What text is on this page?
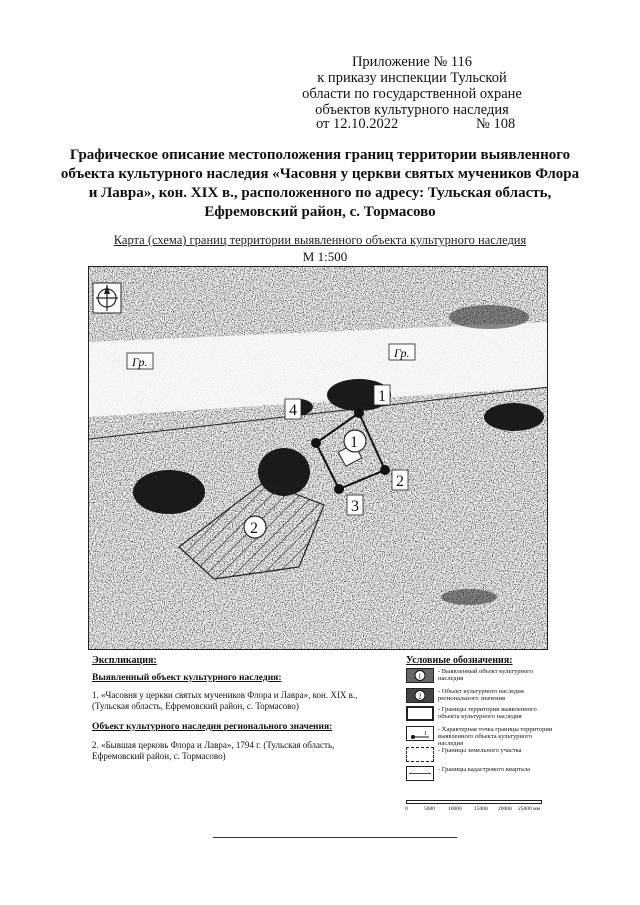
Приложение № 116
к приказу инспекции Тульской
области по государственной охране
объектов культурного наследия
от 12.10.2022	№ 108
Графическое описание местоположения границ территории выявленного объекта культурного наследия «Часовня у церкви святых мучеников Флора и Лавра», кон. XIX в., расположенного по адресу: Тульская область, Ефремовский район, с. Тормасово
Карта (схема) границ территории выявленного объекта культурного наследия
М 1:500
Гр.
Гр.
2
1
1
2
3
4
Экспликация:
Выявленный объект культурного наследия:
1. «Часовня у церкви святых мучеников Флора и Лавра», кон. XIX в., (Тульская область, Ефремовский район, с. Тормасово)
Объект культурного наследия регионального значения:
2. «Бывшая церковь Флора и Лавра», 1794 г. (Тульская область, Ефремовский район, с. Тормасово)
Условные обозначения:
1
- Выявленный объект культурного наследия
2
- Объект культурного наследия регионального значения
- Границы территории выявленного объекта культурного наследия
1
- Характерная точка границы территории выявленного объекта культурного наследия
- Границы земельного участка
- Границы кадастрового квартала
0	5000 10000 15000 20000 25000 мм
